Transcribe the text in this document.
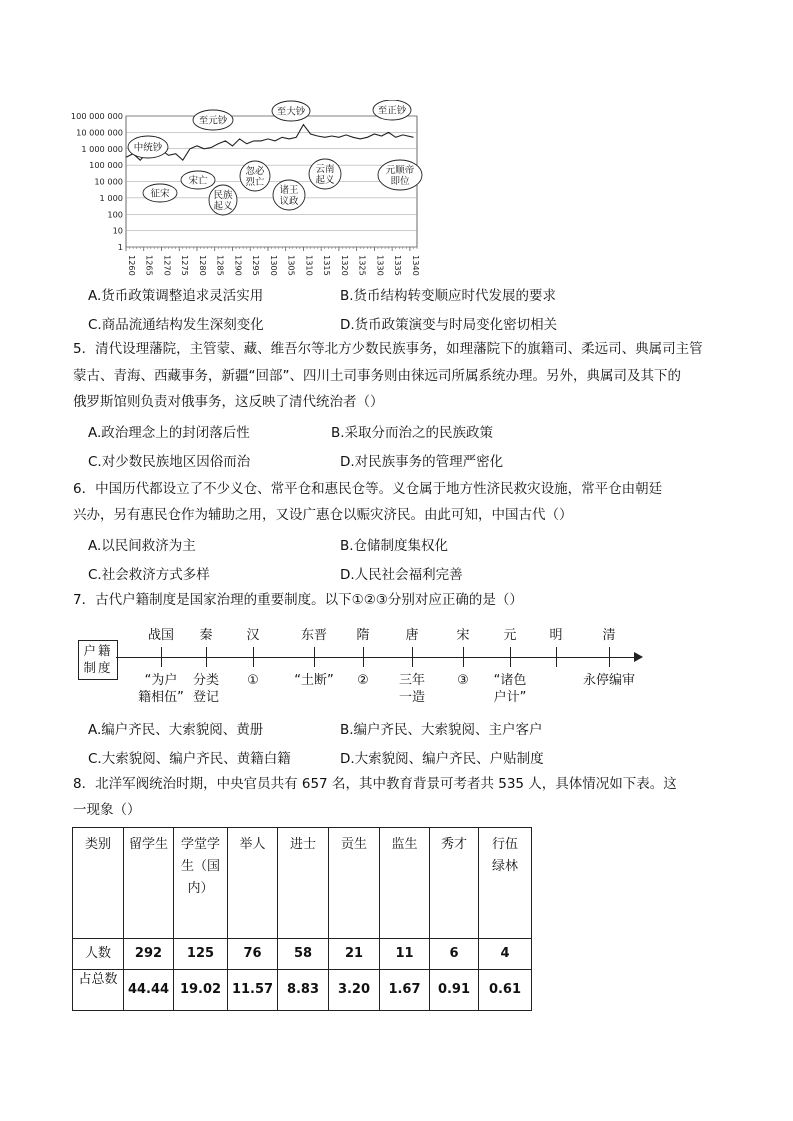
100 000 000
10 000 000
1 000 000
100 000
10 000
1 000
100
10
1
1260 1265 1270 1275 1280 1285 1290 1295 1300 1305 1310 1315 1320 1325 1330 1335 1340
中统钞
征宋
宋亡
至元钞
民族起义
忽必烈亡
至大钞
诸王议政
云南起义
至正钞
元顺帝即位
A.货币政策调整追求灵活实用	B.货币结构转变顺应时代发展的要求
C.商品流通结构发生深刻变化	D.货币政策演变与时局变化密切相关
5．清代设理藩院，主管蒙、藏、维吾尔等北方少数民族事务，如理藩院下的旗籍司、柔远司、典属司主管
蒙古、青海、西藏事务，新疆“回部”、四川土司事务则由徕远司所属系统办理。另外，典属司及其下的
俄罗斯馆则负责对俄事务，这反映了清代统治者（）
A.政治理念上的封闭落后性	B.采取分而治之的民族政策
C.对少数民族地区因俗而治	D.对民族事务的管理严密化
6．中国历代都设立了不少义仓、常平仓和惠民仓等。义仓属于地方性济民救灾设施，常平仓由朝廷
兴办，另有惠民仓作为辅助之用，又设广惠仓以赈灾济民。由此可知，中国古代（）
A.以民间救济为主	B.仓储制度集权化
C.社会救济方式多样	D.人民社会福利完善
7．古代户籍制度是国家治理的重要制度。以下①②③分别对应正确的是（）
户籍制度
战国
“为户
籍相伍”
秦
分类
登记
汉
①
东晋
“土断”
隋
②
唐
三年
一造
宋
③
元
“诸色
户计”
明	清
永停编审
A.编户齐民、大索貌阅、黄册	B.编户齐民、大索貌阅、主户客户
C.大索貌阅、编户齐民、黄籍白籍	D.大索貌阅、编户齐民、户贴制度
8．北洋军阀统治时期，中央官员共有 657 名，其中教育背景可考者共 535 人，具体情况如下表。这
一现象（）
类别	留学生	学堂学生（国内）	举人	进士	贡生	监生	秀才	行伍绿林

人数	292	125	76	58	21	11	6	4
占总数	44.44	19.02	11.57	8.83	3.20	1.67	0.91	0.61
